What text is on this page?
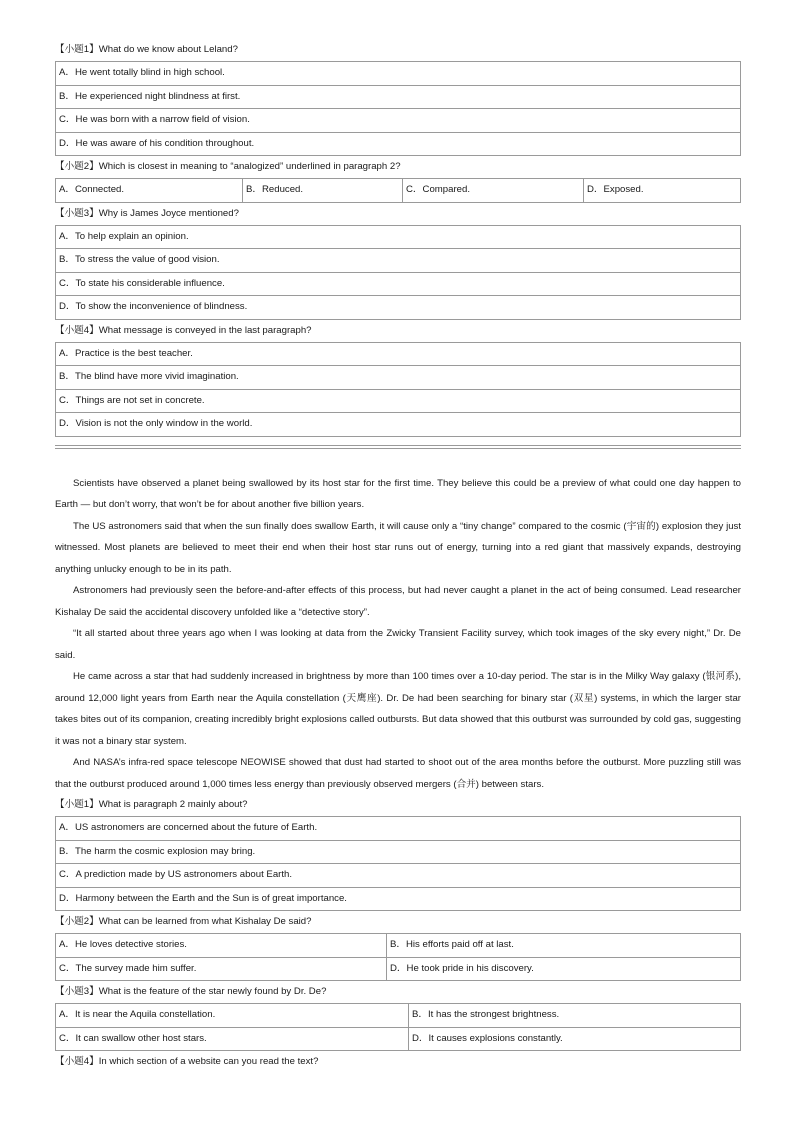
【小题1】What do we know about Leland?
A．He went totally blind in high school.
B．He experienced night blindness at first.
C．He was born with a narrow field of vision.
D．He was aware of his condition throughout.
【小题2】Which is closest in meaning to “analogized” underlined in paragraph 2?
A．Connected.	B．Reduced.	C．Compared.	D．Exposed.
【小题3】Why is James Joyce mentioned?
A．To help explain an opinion.
B．To stress the value of good vision.
C．To state his considerable influence.
D．To show the inconvenience of blindness.
【小题4】What message is conveyed in the last paragraph?
A．Practice is the best teacher.
B．The blind have more vivid imagination.
C．Things are not set in concrete.
D．Vision is not the only window in the world.

Scientists have observed a planet being swallowed by its host star for the first time. They believe this could be a preview of what could one day happen to Earth — but don’t worry, that won’t be for about another five billion years.

The US astronomers said that when the sun finally does swallow Earth, it will cause only a “tiny change” compared to the cosmic (宇宙的) explosion they just witnessed. Most planets are believed to meet their end when their host star runs out of energy, turning into a red giant that massively expands, destroying anything unlucky enough to be in its path.

Astronomers had previously seen the before-and-after effects of this process, but had never caught a planet in the act of being consumed. Lead researcher Kishalay De said the accidental discovery unfolded like a “detective story”.

“It all started about three years ago when I was looking at data from the Zwicky Transient Facility survey, which took images of the sky every night,” Dr. De said.

He came across a star that had suddenly increased in brightness by more than 100 times over a 10-day period. The star is in the Milky Way galaxy (银河系), around 12,000 light years from Earth near the Aquila constellation (天鹰座). Dr. De had been searching for binary star (双星) systems, in which the larger star takes bites out of its companion, creating incredibly bright explosions called outbursts. But data showed that this outburst was surrounded by cold gas, suggesting it was not a binary star system.

And NASA’s infra-red space telescope NEOWISE showed that dust had started to shoot out of the area months before the outburst. More puzzling still was that the outburst produced around 1,000 times less energy than previously observed mergers (合并) between stars.

【小题1】What is paragraph 2 mainly about?
A．US astronomers are concerned about the future of Earth.
B．The harm the cosmic explosion may bring.
C．A prediction made by US astronomers about Earth.
D．Harmony between the Earth and the Sun is of great importance.
【小题2】What can be learned from what Kishalay De said?
A．He loves detective stories.	B．His efforts paid off at last.
C．The survey made him suffer.	D．He took pride in his discovery.
【小题3】What is the feature of the star newly found by Dr. De?
A．It is near the Aquila constellation.	B．It has the strongest brightness.
C．It can swallow other host stars.	D．It causes explosions constantly.
【小题4】In which section of a website can you read the text?
